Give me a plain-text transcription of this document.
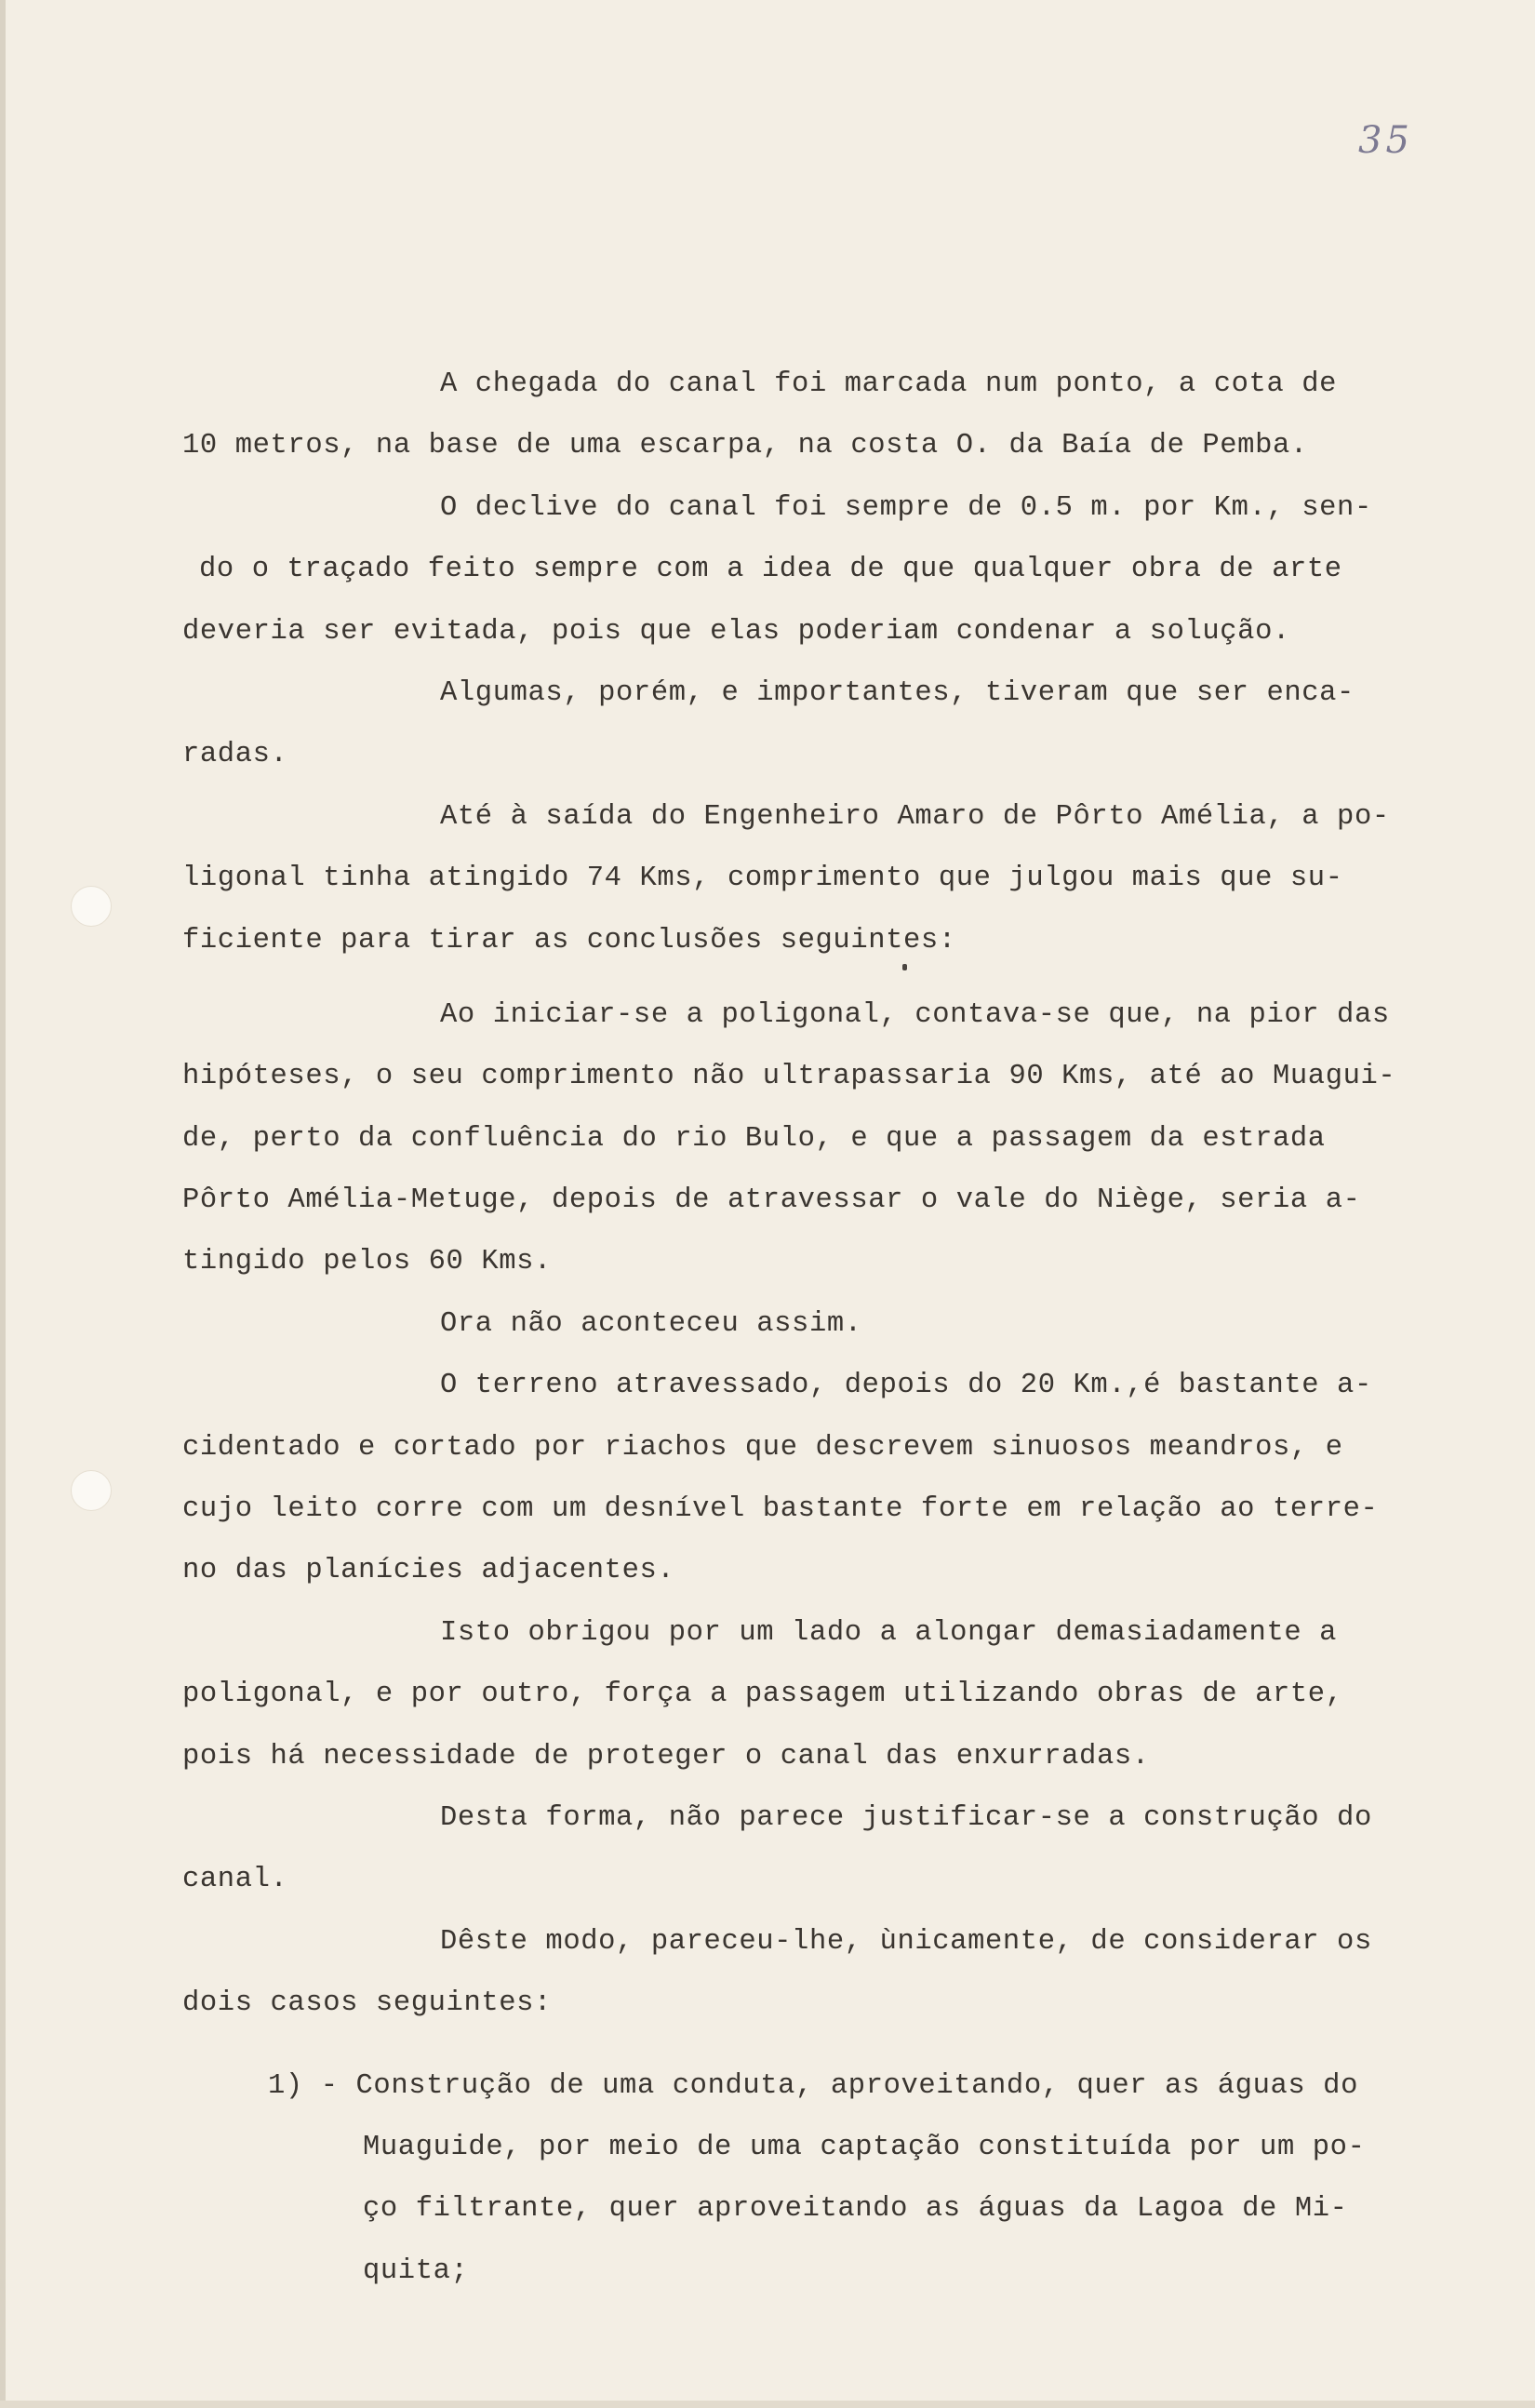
35
A chegada do canal foi marcada num ponto, a cota de
10 metros, na base de uma escarpa, na costa O. da Baía de Pemba.
O declive do canal foi sempre de 0.5 m. por Km., sen-
do o traçado feito sempre com a idea de que qualquer obra de arte
deveria ser evitada, pois que elas poderiam condenar a solução.
Algumas, porém, e importantes, tiveram que ser enca-
radas.
Até à saída do Engenheiro Amaro de Pôrto Amélia, a po-
ligonal tinha atingido 74 Kms, comprimento que julgou mais que su-
ficiente para tirar as conclusões seguintes:
Ao iniciar-se a poligonal, contava-se que, na pior das
hipóteses, o seu comprimento não ultrapassaria 90 Kms, até ao Muagui-
de, perto da confluência do rio Bulo, e que a passagem da estrada
Pôrto Amélia-Metuge, depois de atravessar o vale do Niège, seria a-
tingido pelos 60 Kms.
Ora não aconteceu assim.
O terreno atravessado, depois do 20 Km.,é bastante a-
cidentado e cortado por riachos que descrevem sinuosos meandros, e
cujo leito corre com um desnível bastante forte em relação ao terre-
no das planícies adjacentes.
Isto obrigou por um lado a alongar demasiadamente a
poligonal, e por outro, força a passagem utilizando obras de arte,
pois há necessidade de proteger o canal das enxurradas.
Desta forma, não parece justificar-se a construção do
canal.
Dêste modo, pareceu-lhe, ùnicamente, de considerar os
dois casos seguintes:
1) - Construção de uma conduta, aproveitando, quer as águas do
Muaguide, por meio de uma captação constituída por um po-
ço filtrante, quer aproveitando as águas da Lagoa de Mi-
quita;
